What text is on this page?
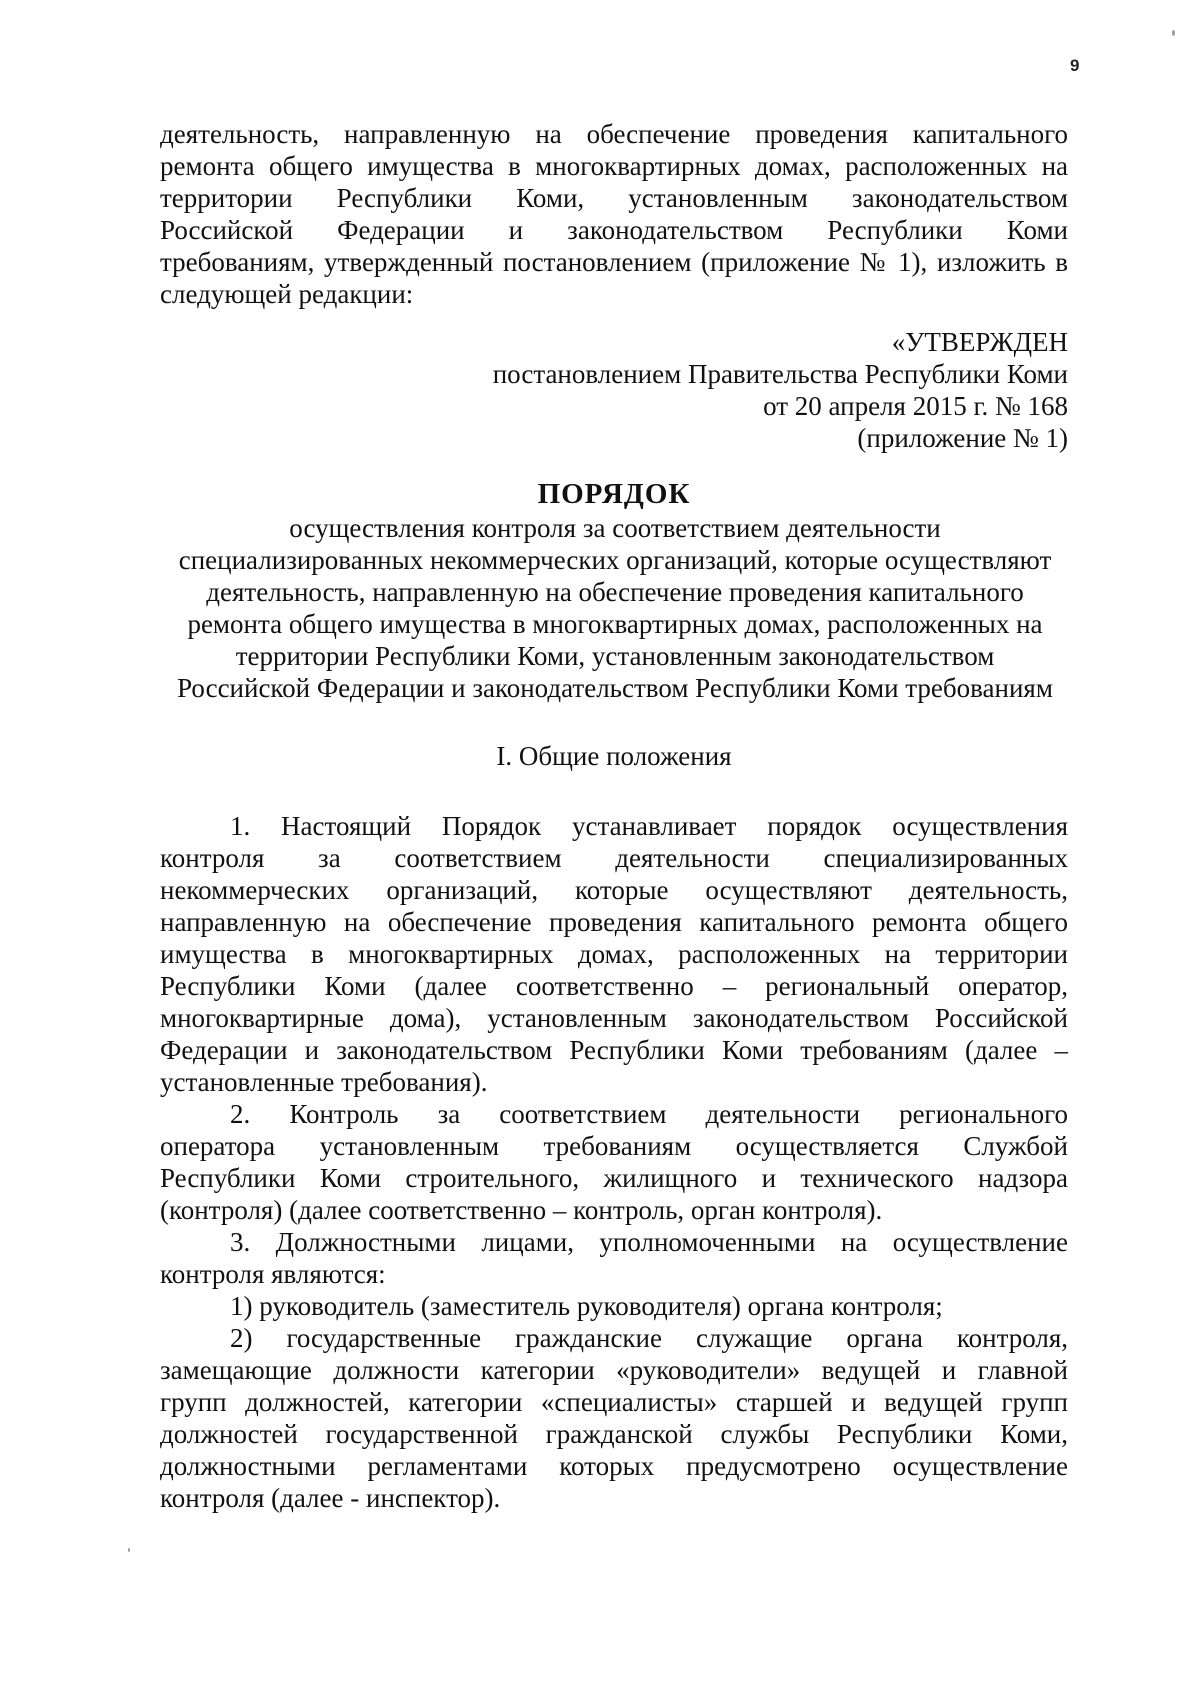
9
деятельность, направленную на обеспечение проведения капитального
ремонта общего имущества в многоквартирных домах, расположенных на
территории Республики Коми, установленным законодательством
Российской Федерации и законодательством Республики Коми
требованиям, утвержденный постановлением (приложение № 1), изложить в
следующей редакции:
«УТВЕРЖДЕН
постановлением Правительства Республики Коми
от 20 апреля 2015 г. № 168
(приложение № 1)
ПОРЯДОК
осуществления контроля за соответствием деятельности
специализированных некоммерческих организаций, которые осуществляют
деятельность, направленную на обеспечение проведения капитального
ремонта общего имущества в многоквартирных домах, расположенных на
территории Республики Коми, установленным законодательством
Российской Федерации и законодательством Республики Коми требованиям
I. Общие положения
1. Настоящий Порядок устанавливает порядок осуществления
контроля за соответствием деятельности специализированных
некоммерческих организаций, которые осуществляют деятельность,
направленную на обеспечение проведения капитального ремонта общего
имущества в многоквартирных домах, расположенных на территории
Республики Коми (далее соответственно – региональный оператор,
многоквартирные дома), установленным законодательством Российской
Федерации и законодательством Республики Коми требованиям (далее –
установленные требования).
2. Контроль за соответствием деятельности регионального
оператора установленным требованиям осуществляется Службой
Республики Коми строительного, жилищного и технического надзора
(контроля) (далее соответственно – контроль, орган контроля).
3. Должностными лицами, уполномоченными на осуществление
контроля являются:
1) руководитель (заместитель руководителя) органа контроля;
2) государственные гражданские служащие органа контроля,
замещающие должности категории «руководители» ведущей и главной
групп должностей, категории «специалисты» старшей и ведущей групп
должностей государственной гражданской службы Республики Коми,
должностными регламентами которых предусмотрено осуществление
контроля (далее - инспектор).
